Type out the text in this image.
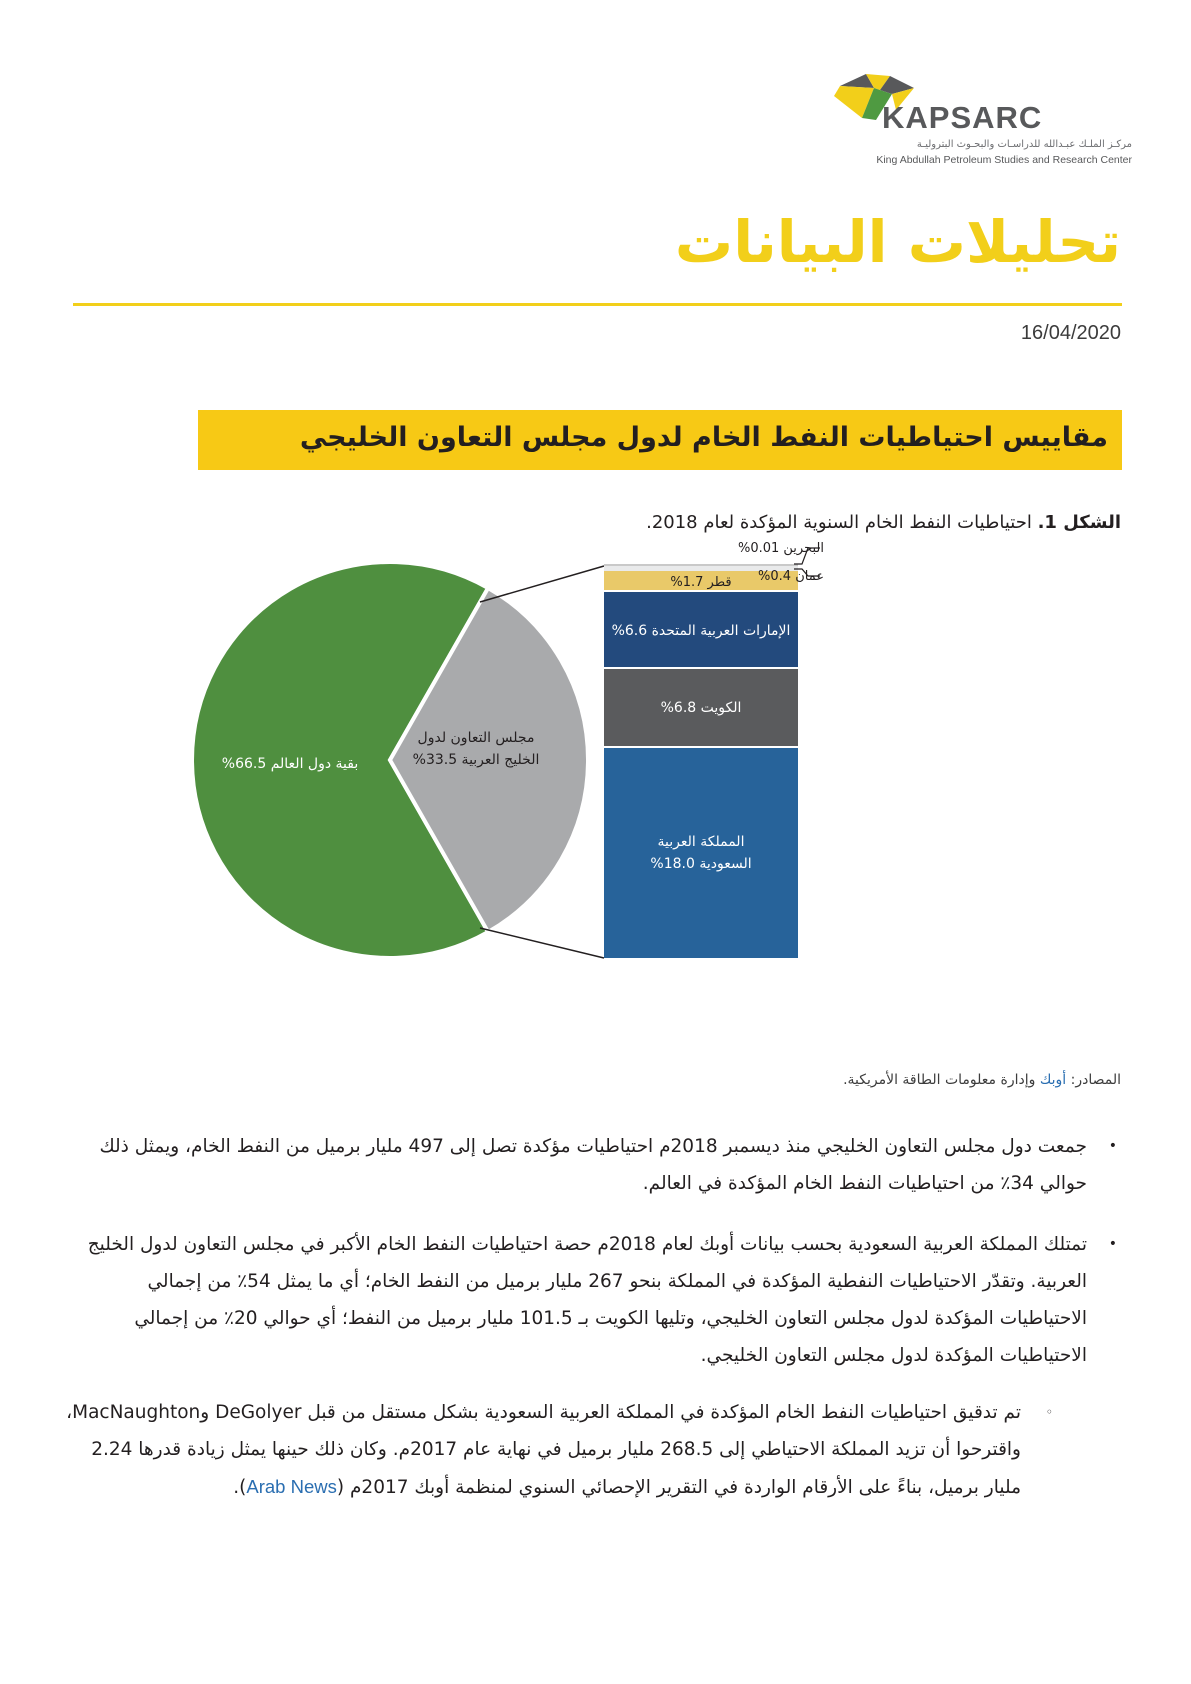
KAPSARC
مركـز الملـك عبـدالله للدراسـات والبحـوث البتروليـة
King Abdullah Petroleum Studies and Research Center
تحليلات البيانات
16/04/2020
مقاييس احتياطيات النفط الخام لدول مجلس التعاون الخليجي
الشكل 1. احتياطيات النفط الخام السنوية المؤكدة لعام 2018.
بقية دول العالم 66.5%
مجلس التعاون لدول
الخليج العربية 33.5%
قطر 1.7%
الإمارات العربية المتحدة 6.6%
الكويت 6.8%
المملكة العربية
السعودية 18.0%
البحرين 0.01%
عمان 0.4%
المصادر: أوبك وإدارة معلومات الطاقة الأمريكية.
•
جمعت دول مجلس التعاون الخليجي منذ ديسمبر 2018م احتياطيات مؤكدة تصل إلى 497 مليار برميل من النفط الخام، ويمثل ذلك حوالي 34٪ من احتياطيات النفط الخام المؤكدة في العالم.
•
تمتلك المملكة العربية السعودية بحسب بيانات أوبك لعام 2018م حصة احتياطيات النفط الخام الأكبر في مجلس التعاون لدول الخليج العربية. وتقدّر الاحتياطيات النفطية المؤكدة في المملكة بنحو 267 مليار برميل من النفط الخام؛ أي ما يمثل 54٪ من إجمالي الاحتياطيات المؤكدة لدول مجلس التعاون الخليجي، وتليها الكويت بـ 101.5 مليار برميل من النفط؛ أي حوالي 20٪ من إجمالي الاحتياطيات المؤكدة لدول مجلس التعاون الخليجي.
◦
تم تدقيق احتياطيات النفط الخام المؤكدة في المملكة العربية السعودية بشكل مستقل من قبل DeGolyer وMacNaughton، واقترحوا أن تزيد المملكة الاحتياطي إلى 268.5 مليار برميل في نهاية عام 2017م. وكان ذلك حينها يمثل زيادة قدرها 2.24 مليار برميل، بناءً على الأرقام الواردة في التقرير الإحصائي السنوي لمنظمة أوبك 2017م (Arab News).
